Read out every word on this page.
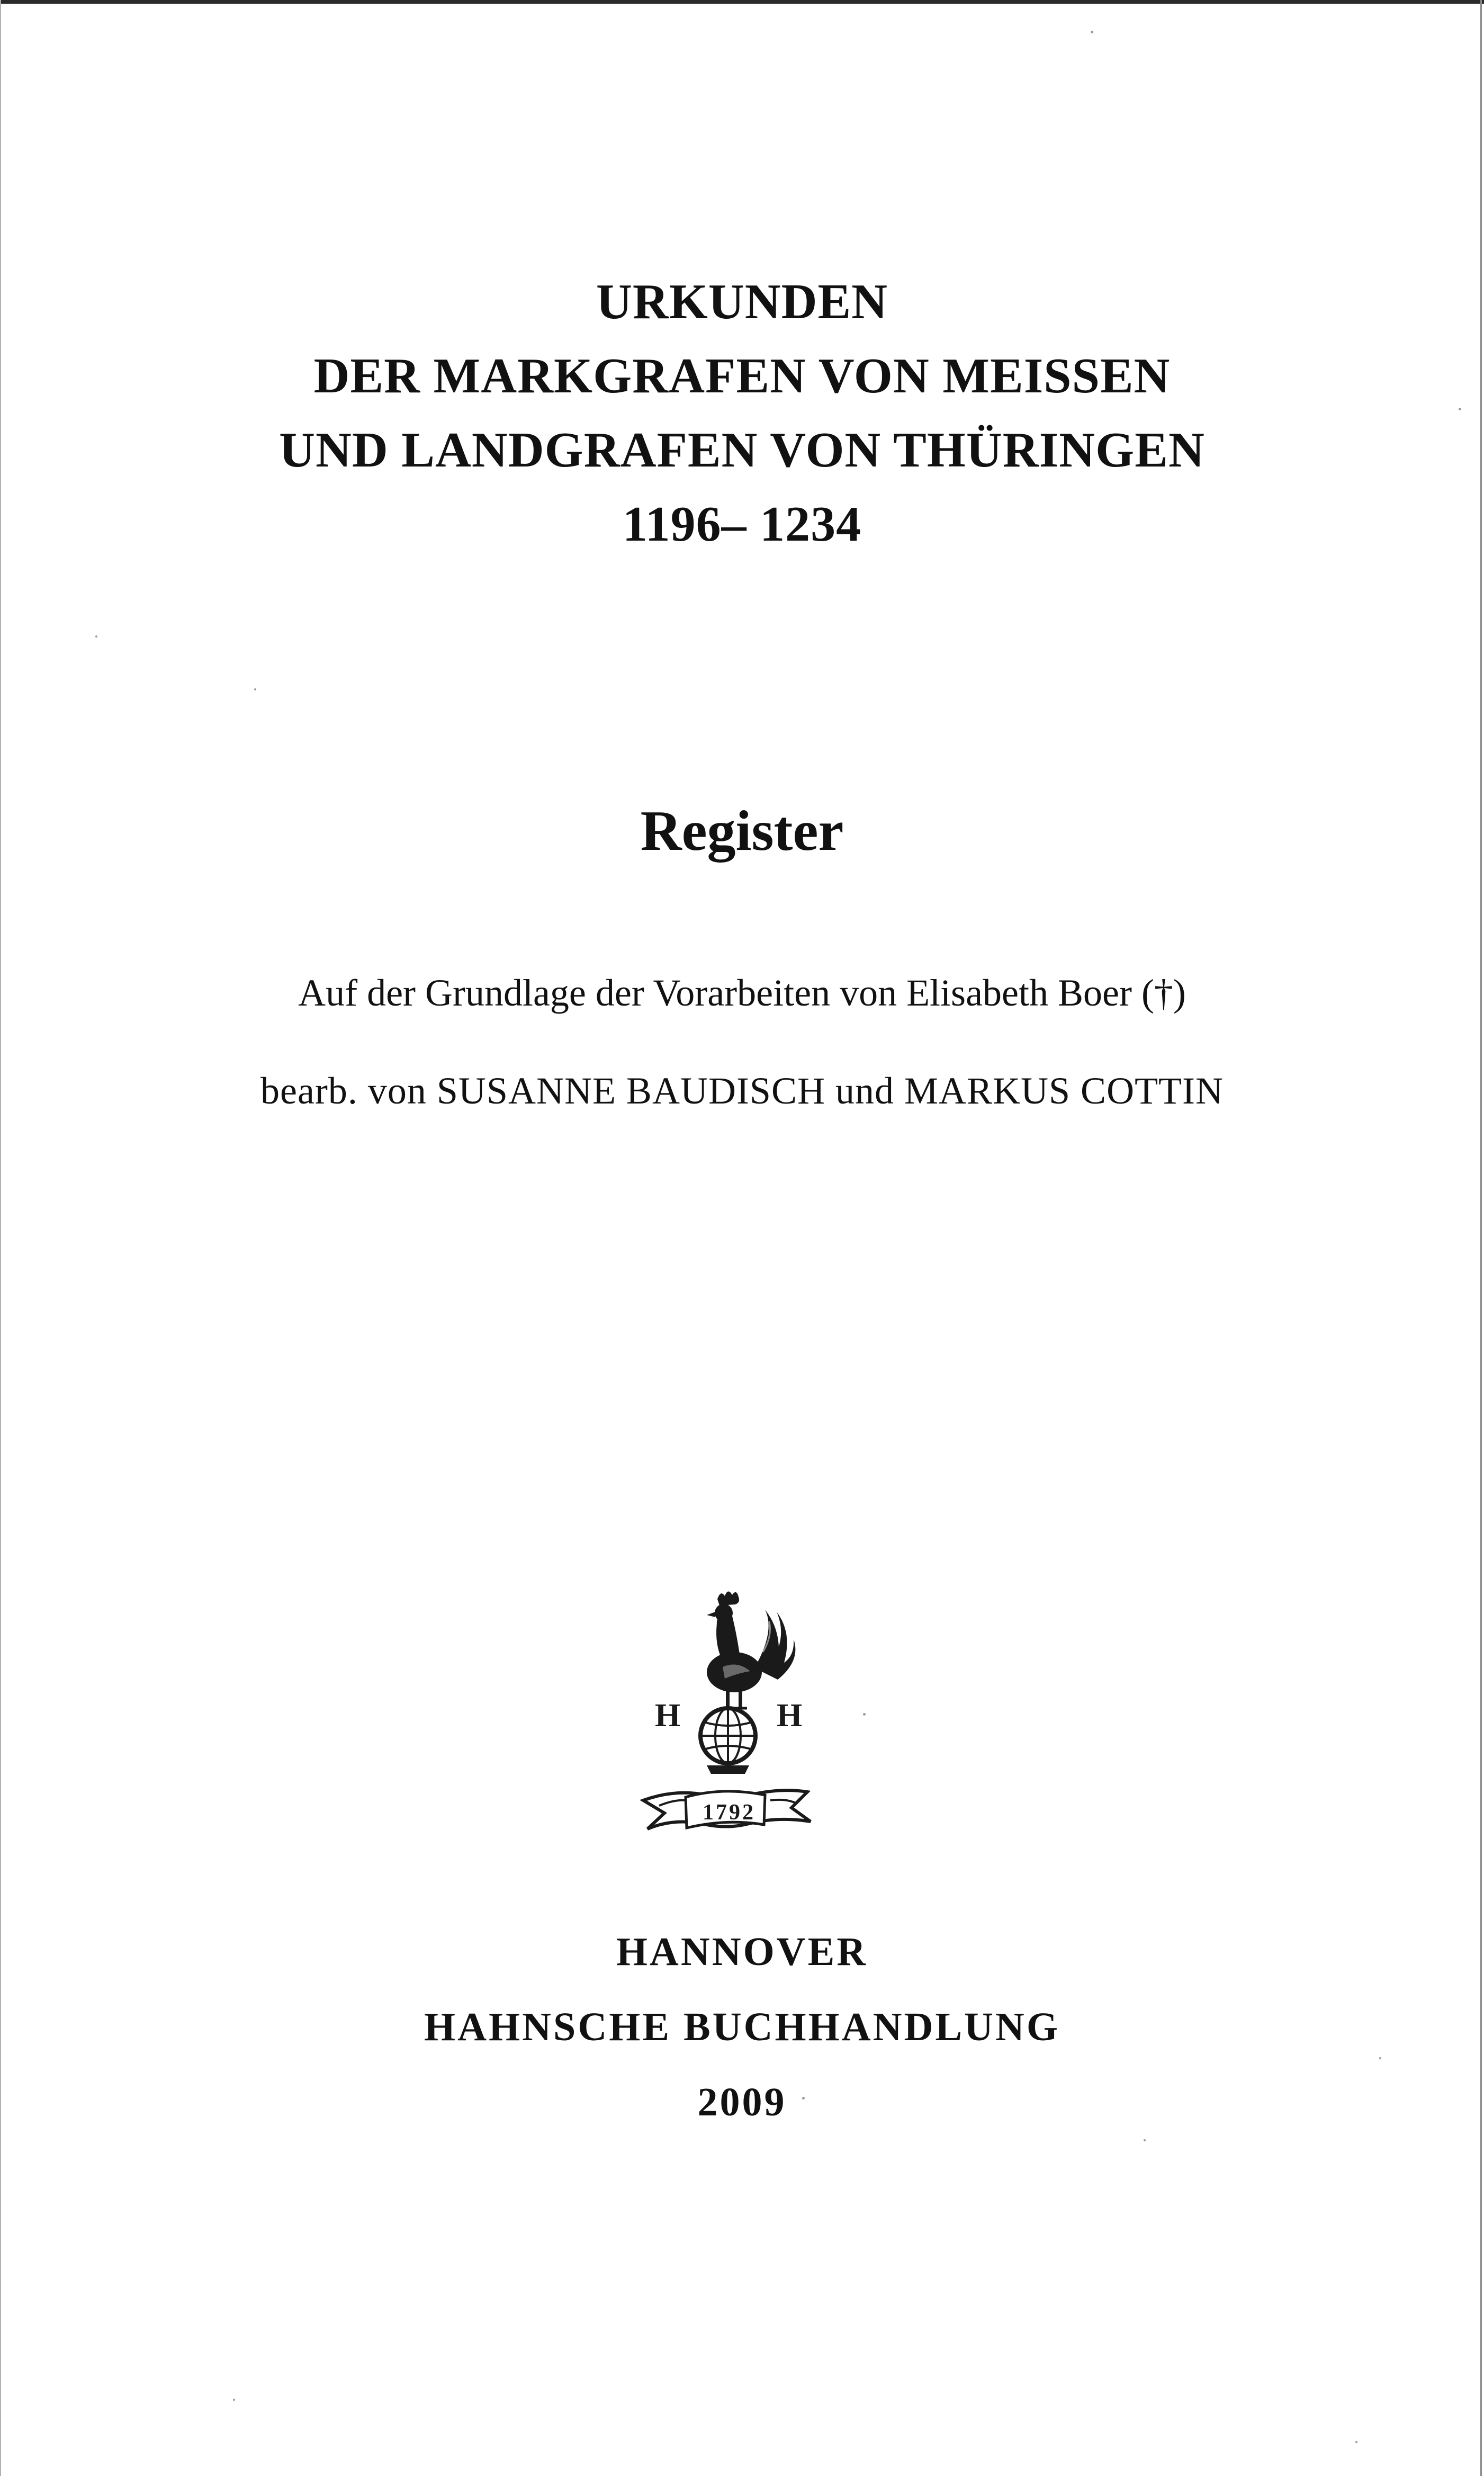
URKUNDEN
DER MARKGRAFEN VON MEISSEN
UND LANDGRAFEN VON THÜRINGEN
1196– 1234
Register
Auf der Grundlage der Vorarbeiten von Elisabeth Boer (†)
bearb. von SUSANNE BAUDISCH und MARKUS COTTIN
H	H
1792
HANNOVER
HAHNSCHE BUCHHANDLUNG
2009
